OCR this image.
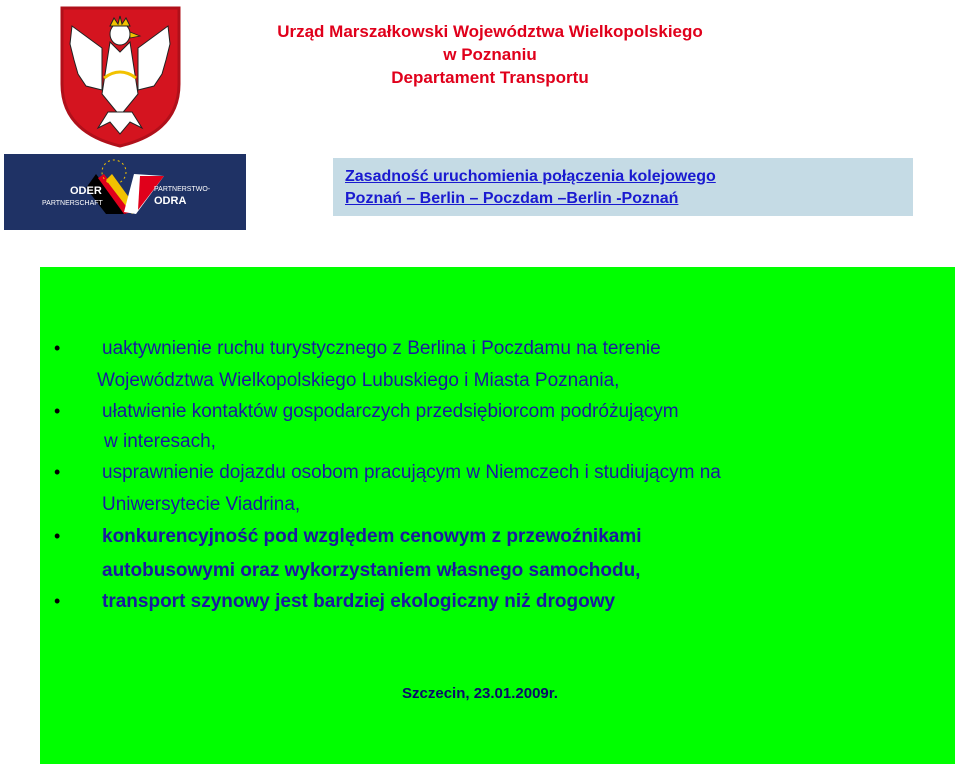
Urząd Marszałkowski Województwa Wielkopolskiego
w Poznaniu
Departament Transportu
ODER
PARTNERSCHAFT
PARTNERSTWO-
ODRA
Zasadność uruchomienia połączenia kolejowego
Poznań – Berlin – Poczdam –Berlin -Poznań
• uaktywnienie ruchu turystycznego z Berlina i Poczdamu na terenie
Województwa Wielkopolskiego Lubuskiego i Miasta Poznania,
• ułatwienie kontaktów gospodarczych przedsiębiorcom podróżującym
w interesach,
• usprawnienie dojazdu osobom pracującym w Niemczech i studiującym na
Uniwersytecie Viadrina,
• konkurencyjność pod względem cenowym z przewoźnikami
autobusowymi oraz wykorzystaniem własnego samochodu,
• transport szynowy jest bardziej ekologiczny niż drogowy
Szczecin, 23.01.2009r.
